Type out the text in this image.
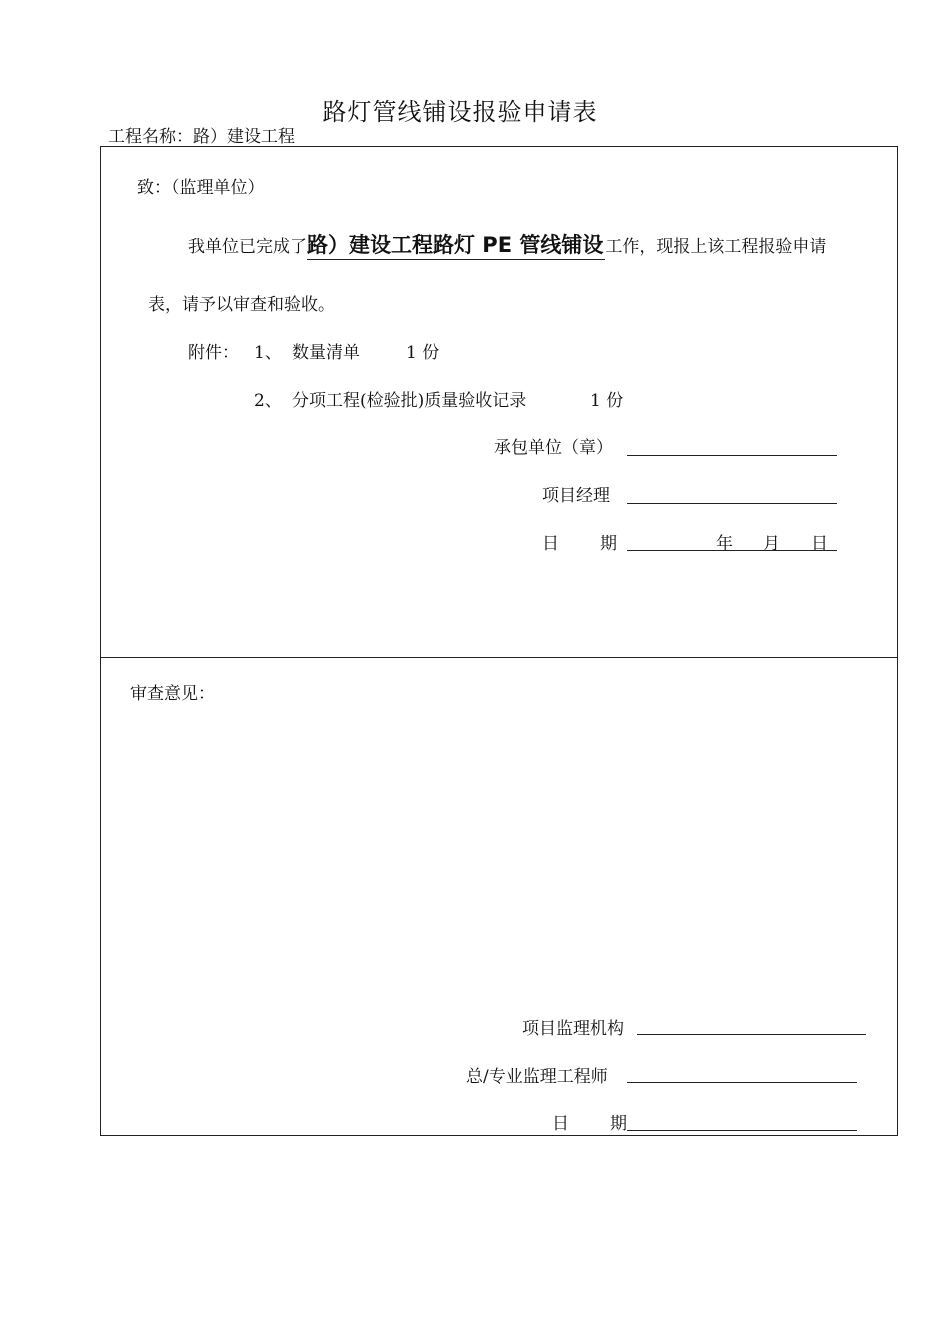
路灯管线铺设报验申请表
工程名称：路）建设工程
致：（监理单位）
我单位已完成了路）建设工程路灯 PE 管线铺设 工作，现报上该工程报验申请
表，请予以审查和验收。
附件： 1、 数量清单	1 份
2、 分项工程(检验批)质量验收记录	1 份
承包单位（章）
项目经理
日 期	年 月 日
审查意见：
项目监理机构
总/专业监理工程师
日 期
